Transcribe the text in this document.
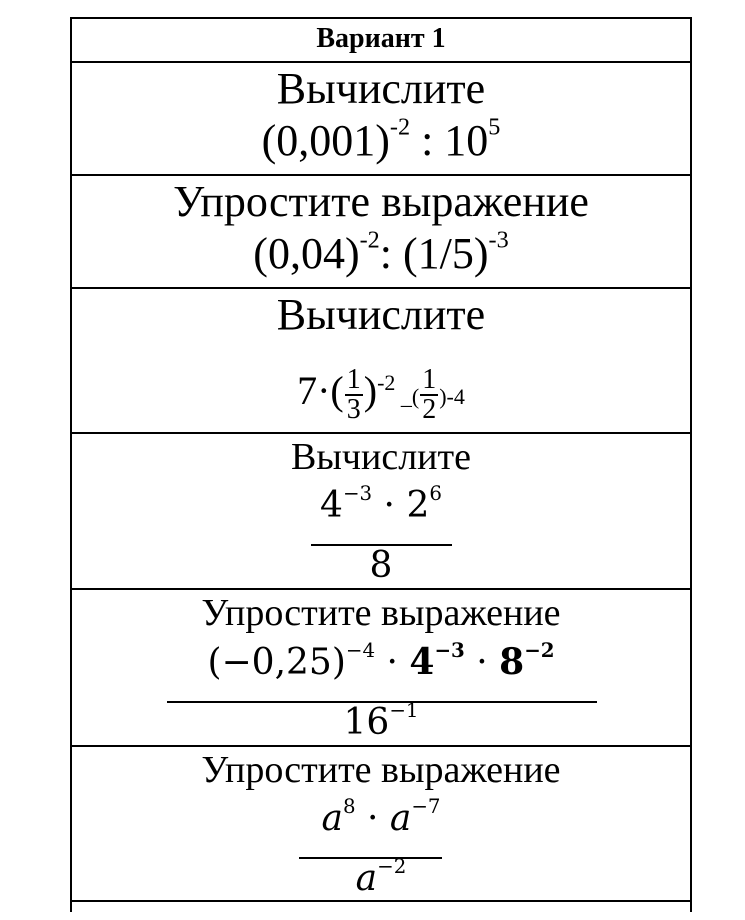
Вариант 1
Вычислите
$(0,001)^{-2}$ : $10^5$
Упростите выражение
$(0,04)^{-2}$: $(1/5)^{-3}$
Вычислите
$7\cdot( \frac{1}{3} )^{-2}$ _( $\frac{1}{2} )-4$
Вычислите
$4^{-3} \cdot 2^6$
8
Упростите выражение
$(-0,25)^{-4} \cdot 4^{-3} \cdot 8^{-2}$
$16^{-1}$
Упростите выражение
$a^8 \cdot a^{-7}$
$a^{-2}$
